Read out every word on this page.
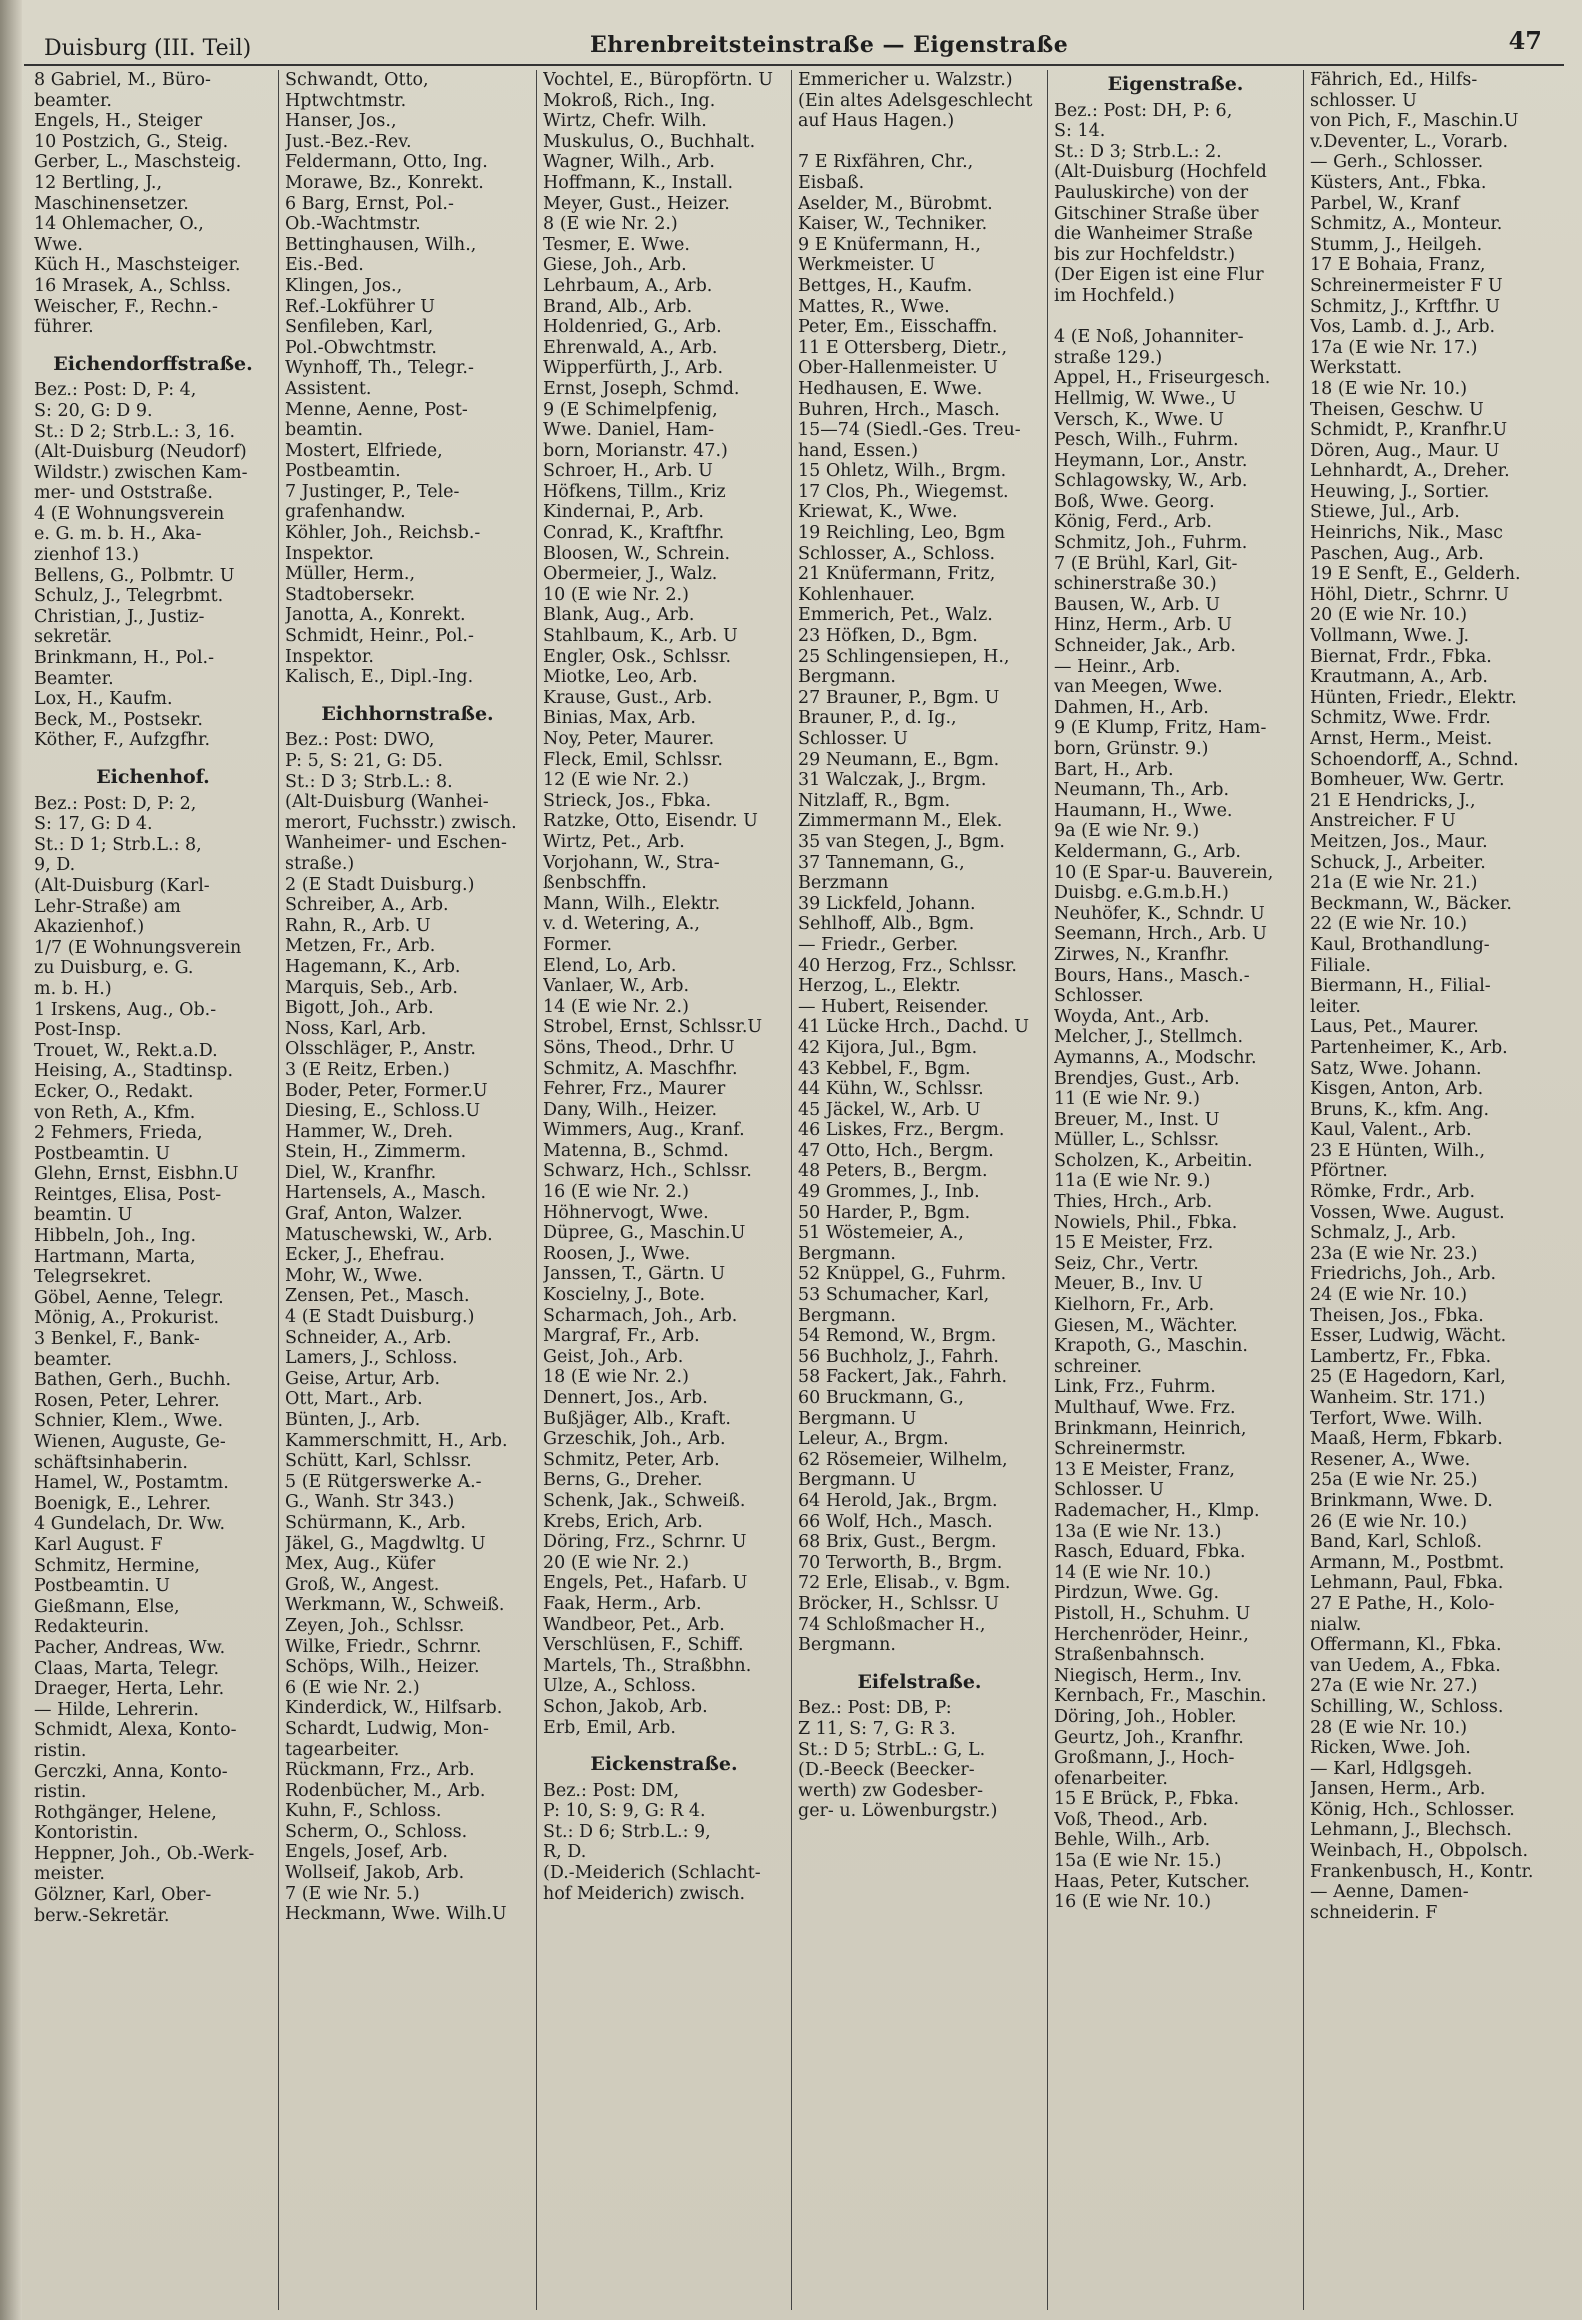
Duisburg (III. Teil)	Ehrenbreitsteinstraße — Eigenstraße	47
8 Gabriel, M., Büro-
beamter.
Engels, H., Steiger
10 Postzich, G., Steig.
Gerber, L., Maschsteig.
12 Bertling, J.,
Maschinensetzer.
14 Ohlemacher, O.,
Wwe.
Küch H., Maschsteiger.
16 Mrasek, A., Schlss.
Weischer, F., Rechn.-
führer.
Eichendorffstraße.
Bez.: Post: D, P: 4,
S: 20, G: D 9.
St.: D 2; Strb.L.: 3, 16.
(Alt-Duisburg (Neudorf)
Wildstr.) zwischen Kam-
mer- und Oststraße.
4 (E Wohnungsverein
e. G. m. b. H., Aka-
zienhof 13.)
Bellens, G., Polbmtr. U
Schulz, J., Telegrbmt.
Christian, J., Justiz-
sekretär.
Brinkmann, H., Pol.-
Beamter.
Lox, H., Kaufm.
Beck, M., Postsekr.
Köther, F., Aufzgfhr.
Eichenhof.
Bez.: Post: D, P: 2,
S: 17, G: D 4.
St.: D 1; Strb.L.: 8,
9, D.
(Alt-Duisburg (Karl-
Lehr-Straße) am
Akazienhof.)
1/7 (E Wohnungsverein
zu Duisburg, e. G.
m. b. H.)
1 Irskens, Aug., Ob.-
Post-Insp.
Trouet, W., Rekt.a.D.
Heising, A., Stadtinsp.
Ecker, O., Redakt.
von Reth, A., Kfm.
2 Fehmers, Frieda,
Postbeamtin. U
Glehn, Ernst, Eisbhn.U
Reintges, Elisa, Post-
beamtin. U
Hibbeln, Joh., Ing.
Hartmann, Marta,
Telegrsekret.
Göbel, Aenne, Telegr.
Mönig, A., Prokurist.
3 Benkel, F., Bank-
beamter.
Bathen, Gerh., Buchh.
Rosen, Peter, Lehrer.
Schnier, Klem., Wwe.
Wienen, Auguste, Ge-
schäftsinhaberin.
Hamel, W., Postamtm.
Boenigk, E., Lehrer.
4 Gundelach, Dr. Ww.
Karl August. F
Schmitz, Hermine,
Postbeamtin. U
Gießmann, Else,
Redakteurin.
Pacher, Andreas, Ww.
Claas, Marta, Telegr.
Draeger, Herta, Lehr.
— Hilde, Lehrerin.
Schmidt, Alexa, Konto-
ristin.
Gerczki, Anna, Konto-
ristin.
Rothgänger, Helene,
Kontoristin.
Heppner, Joh., Ob.-Werk-
meister.
Gölzner, Karl, Ober-
berw.-Sekretär.
Schwandt, Otto,
Hptwchtmstr.
Hanser, Jos.,
Just.-Bez.-Rev.
Feldermann, Otto, Ing.
Morawe, Bz., Konrekt.
6 Barg, Ernst, Pol.-
Ob.-Wachtmstr.
Bettinghausen, Wilh.,
Eis.-Bed.
Klingen, Jos.,
Ref.-Lokführer U
Senfileben, Karl,
Pol.-Obwchtmstr.
Wynhoff, Th., Telegr.-
Assistent.
Menne, Aenne, Post-
beamtin.
Mostert, Elfriede,
Postbeamtin.
7 Justinger, P., Tele-
grafenhandw.
Köhler, Joh., Reichsb.-
Inspektor.
Müller, Herm.,
Stadtobersekr.
Janotta, A., Konrekt.
Schmidt, Heinr., Pol.-
Inspektor.
Kalisch, E., Dipl.-Ing.
Eichhornstraße.
Bez.: Post: DWO,
P: 5, S: 21, G: D5.
St.: D 3; Strb.L.: 8.
(Alt-Duisburg (Wanhei-
merort, Fuchsstr.) zwisch.
Wanheimer- und Eschen-
straße.)
2 (E Stadt Duisburg.)
Schreiber, A., Arb.
Rahn, R., Arb. U
Metzen, Fr., Arb.
Hagemann, K., Arb.
Marquis, Seb., Arb.
Bigott, Joh., Arb.
Noss, Karl, Arb.
Olsschläger, P., Anstr.
3 (E Reitz, Erben.)
Boder, Peter, Former.U
Diesing, E., Schloss.U
Hammer, W., Dreh.
Stein, H., Zimmerm.
Diel, W., Kranfhr.
Hartensels, A., Masch.
Graf, Anton, Walzer.
Matuschewski, W., Arb.
Ecker, J., Ehefrau.
Mohr, W., Wwe.
Zensen, Pet., Masch.
4 (E Stadt Duisburg.)
Schneider, A., Arb.
Lamers, J., Schloss.
Geise, Artur, Arb.
Ott, Mart., Arb.
Bünten, J., Arb.
Kammerschmitt, H., Arb.
Schütt, Karl, Schlssr.
5 (E Rütgerswerke A.-
G., Wanh. Str 343.)
Schürmann, K., Arb.
Jäkel, G., Magdwltg. U
Mex, Aug., Küfer
Groß, W., Angest.
Werkmann, W., Schweiß.
Zeyen, Joh., Schlssr.
Wilke, Friedr., Schrnr.
Schöps, Wilh., Heizer.
6 (E wie Nr. 2.)
Kinderdick, W., Hilfsarb.
Schardt, Ludwig, Mon-
tagearbeiter.
Rückmann, Frz., Arb.
Rodenbücher, M., Arb.
Kuhn, F., Schloss.
Scherm, O., Schloss.
Engels, Josef, Arb.
Wollseif, Jakob, Arb.
7 (E wie Nr. 5.)
Heckmann, Wwe. Wilh.U
Vochtel, E., Büropförtn. U
Mokroß, Rich., Ing.
Wirtz, Chefr. Wilh.
Muskulus, O., Buchhalt.
Wagner, Wilh., Arb.
Hoffmann, K., Install.
Meyer, Gust., Heizer.
8 (E wie Nr. 2.)
Tesmer, E. Wwe.
Giese, Joh., Arb.
Lehrbaum, A., Arb.
Brand, Alb., Arb.
Holdenried, G., Arb.
Ehrenwald, A., Arb.
Wipperfürth, J., Arb.
Ernst, Joseph, Schmd.
9 (E Schimelpfenig,
Wwe. Daniel, Ham-
born, Morianstr. 47.)
Schroer, H., Arb. U
Höfkens, Tillm., Kriz
Kindernai, P., Arb.
Conrad, K., Kraftfhr.
Bloosen, W., Schrein.
Obermeier, J., Walz.
10 (E wie Nr. 2.)
Blank, Aug., Arb.
Stahlbaum, K., Arb. U
Engler, Osk., Schlssr.
Miotke, Leo, Arb.
Krause, Gust., Arb.
Binias, Max, Arb.
Noy, Peter, Maurer.
Fleck, Emil, Schlssr.
12 (E wie Nr. 2.)
Strieck, Jos., Fbka.
Ratzke, Otto, Eisendr. U
Wirtz, Pet., Arb.
Vorjohann, W., Stra-
ßenbschffn.
Mann, Wilh., Elektr.
v. d. Wetering, A.,
Former.
Elend, Lo, Arb.
Vanlaer, W., Arb.
14 (E wie Nr. 2.)
Strobel, Ernst, Schlssr.U
Söns, Theod., Drhr. U
Schmitz, A. Maschfhr.
Fehrer, Frz., Maurer
Dany, Wilh., Heizer.
Wimmers, Aug., Kranf.
Matenna, B., Schmd.
Schwarz, Hch., Schlssr.
16 (E wie Nr. 2.)
Höhnervogt, Wwe.
Düpree, G., Maschin.U
Roosen, J., Wwe.
Janssen, T., Gärtn. U
Koscielny, J., Bote.
Scharmach, Joh., Arb.
Margraf, Fr., Arb.
Geist, Joh., Arb.
18 (E wie Nr. 2.)
Dennert, Jos., Arb.
Bußjäger, Alb., Kraft.
Grzeschik, Joh., Arb.
Schmitz, Peter, Arb.
Berns, G., Dreher.
Schenk, Jak., Schweiß.
Krebs, Erich, Arb.
Döring, Frz., Schrnr. U
20 (E wie Nr. 2.)
Engels, Pet., Hafarb. U
Faak, Herm., Arb.
Wandbeor, Pet., Arb.
Verschlüsen, F., Schiff.
Martels, Th., Straßbhn.
Ulze, A., Schloss.
Schon, Jakob, Arb.
Erb, Emil, Arb.
Eickenstraße.
Bez.: Post: DM,
P: 10, S: 9, G: R 4.
St.: D 6; Strb.L.: 9,
R, D.
(D.-Meiderich (Schlacht-
hof Meiderich) zwisch.
Emmericher u. Walzstr.)
(Ein altes Adelsgeschlecht
auf Haus Hagen.)

7 E Rixfähren, Chr.,
Eisbaß.
Aselder, M., Bürobmt.
Kaiser, W., Techniker.
9 E Knüfermann, H.,
Werkmeister. U
Bettges, H., Kaufm.
Mattes, R., Wwe.
Peter, Em., Eisschaffn.
11 E Ottersberg, Dietr.,
Ober-Hallenmeister. U
Hedhausen, E. Wwe.
Buhren, Hrch., Masch.
15—74 (Siedl.-Ges. Treu-
hand, Essen.)
15 Ohletz, Wilh., Brgm.
17 Clos, Ph., Wiegemst.
Kriewat, K., Wwe.
19 Reichling, Leo, Bgm
Schlosser, A., Schloss.
21 Knüfermann, Fritz,
Kohlenhauer.
Emmerich, Pet., Walz.
23 Höfken, D., Bgm.
25 Schlingensiepen, H.,
Bergmann.
27 Brauner, P., Bgm. U
Brauner, P., d. Ig.,
Schlosser. U
29 Neumann, E., Bgm.
31 Walczak, J., Brgm.
Nitzlaff, R., Bgm.
Zimmermann M., Elek.
35 van Stegen, J., Bgm.
37 Tannemann, G.,
Berzmann
39 Lickfeld, Johann.
Sehlhoff, Alb., Bgm.
— Friedr., Gerber.
40 Herzog, Frz., Schlssr.
Herzog, L., Elektr.
— Hubert, Reisender.
41 Lücke Hrch., Dachd. U
42 Kijora, Jul., Bgm.
43 Kebbel, F., Bgm.
44 Kühn, W., Schlssr.
45 Jäckel, W., Arb. U
46 Liskes, Frz., Bergm.
47 Otto, Hch., Bergm.
48 Peters, B., Bergm.
49 Grommes, J., Inb.
50 Harder, P., Bgm.
51 Wöstemeier, A.,
Bergmann.
52 Knüppel, G., Fuhrm.
53 Schumacher, Karl,
Bergmann.
54 Remond, W., Brgm.
56 Buchholz, J., Fahrh.
58 Fackert, Jak., Fahrh.
60 Bruckmann, G.,
Bergmann. U
Leleur, A., Brgm.
62 Rösemeier, Wilhelm,
Bergmann. U
64 Herold, Jak., Brgm.
66 Wolf, Hch., Masch.
68 Brix, Gust., Bergm.
70 Terworth, B., Brgm.
72 Erle, Elisab., v. Bgm.
Bröcker, H., Schlssr. U
74 Schloßmacher H.,
Bergmann.
Eifelstraße.
Bez.: Post: DB, P:
Z 11, S: 7, G: R 3.
St.: D 5; StrbL.: G, L.
(D.-Beeck (Beecker-
werth) zw Godesber-
ger- u. Löwenburgstr.)
Eigenstraße.
Bez.: Post: DH, P: 6,
S: 14.
St.: D 3; Strb.L.: 2.
(Alt-Duisburg (Hochfeld
Pauluskirche) von der
Gitschiner Straße über
die Wanheimer Straße
bis zur Hochfeldstr.)
(Der Eigen ist eine Flur
im Hochfeld.)

4 (E Noß, Johanniter-
straße 129.)
Appel, H., Friseurgesch.
Hellmig, W. Wwe., U
Versch, K., Wwe. U
Pesch, Wilh., Fuhrm.
Heymann, Lor., Anstr.
Schlagowsky, W., Arb.
Boß, Wwe. Georg.
König, Ferd., Arb.
Schmitz, Joh., Fuhrm.
7 (E Brühl, Karl, Git-
schinerstraße 30.)
Bausen, W., Arb. U
Hinz, Herm., Arb. U
Schneider, Jak., Arb.
— Heinr., Arb.
van Meegen, Wwe.
Dahmen, H., Arb.
9 (E Klump, Fritz, Ham-
born, Grünstr. 9.)
Bart, H., Arb.
Neumann, Th., Arb.
Haumann, H., Wwe.
9a (E wie Nr. 9.)
Keldermann, G., Arb.
10 (E Spar-u. Bauverein,
Duisbg. e.G.m.b.H.)
Neuhöfer, K., Schndr. U
Seemann, Hrch., Arb. U
Zirwes, N., Kranfhr.
Bours, Hans., Masch.-
Schlosser.
Woyda, Ant., Arb.
Melcher, J., Stellmch.
Aymanns, A., Modschr.
Brendjes, Gust., Arb.
11 (E wie Nr. 9.)
Breuer, M., Inst. U
Müller, L., Schlssr.
Scholzen, K., Arbeitin.
11a (E wie Nr. 9.)
Thies, Hrch., Arb.
Nowiels, Phil., Fbka.
15 E Meister, Frz.
Seiz, Chr., Vertr.
Meuer, B., Inv. U
Kielhorn, Fr., Arb.
Giesen, M., Wächter.
Krapoth, G., Maschin.
schreiner.
Link, Frz., Fuhrm.
Multhauf, Wwe. Frz.
Brinkmann, Heinrich,
Schreinermstr.
13 E Meister, Franz,
Schlosser. U
Rademacher, H., Klmp.
13a (E wie Nr. 13.)
Rasch, Eduard, Fbka.
14 (E wie Nr. 10.)
Pirdzun, Wwe. Gg.
Pistoll, H., Schuhm. U
Herchenröder, Heinr.,
Straßenbahnsch.
Niegisch, Herm., Inv.
Kernbach, Fr., Maschin.
Döring, Joh., Hobler.
Geurtz, Joh., Kranfhr.
Großmann, J., Hoch-
ofenarbeiter.
15 E Brück, P., Fbka.
Voß, Theod., Arb.
Behle, Wilh., Arb.
15a (E wie Nr. 15.)
Haas, Peter, Kutscher.
16 (E wie Nr. 10.)
Fährich, Ed., Hilfs-
schlosser. U
von Pich, F., Maschin.U
v.Deventer, L., Vorarb.
— Gerh., Schlosser.
Küsters, Ant., Fbka.
Parbel, W., Kranf
Schmitz, A., Monteur.
Stumm, J., Heilgeh.
17 E Bohaia, Franz,
Schreinermeister F U
Schmitz, J., Krftfhr. U
Vos, Lamb. d. J., Arb.
17a (E wie Nr. 17.)
Werkstatt.
18 (E wie Nr. 10.)
Theisen, Geschw. U
Schmidt, P., Kranfhr.U
Dören, Aug., Maur. U
Lehnhardt, A., Dreher.
Heuwing, J., Sortier.
Stiewe, Jul., Arb.
Heinrichs, Nik., Masc
Paschen, Aug., Arb.
19 E Senft, E., Gelderh.
Höhl, Dietr., Schrnr. U
20 (E wie Nr. 10.)
Vollmann, Wwe. J.
Biernat, Frdr., Fbka.
Krautmann, A., Arb.
Hünten, Friedr., Elektr.
Schmitz, Wwe. Frdr.
Arnst, Herm., Meist.
Schoendorff, A., Schnd.
Bomheuer, Ww. Gertr.
21 E Hendricks, J.,
Anstreicher. F U
Meitzen, Jos., Maur.
Schuck, J., Arbeiter.
21a (E wie Nr. 21.)
Beckmann, W., Bäcker.
22 (E wie Nr. 10.)
Kaul, Brothandlung-
Filiale.
Biermann, H., Filial-
leiter.
Laus, Pet., Maurer.
Partenheimer, K., Arb.
Satz, Wwe. Johann.
Kisgen, Anton, Arb.
Bruns, K., kfm. Ang.
Kaul, Valent., Arb.
23 E Hünten, Wilh.,
Pförtner.
Römke, Frdr., Arb.
Vossen, Wwe. August.
Schmalz, J., Arb.
23a (E wie Nr. 23.)
Friedrichs, Joh., Arb.
24 (E wie Nr. 10.)
Theisen, Jos., Fbka.
Esser, Ludwig, Wächt.
Lambertz, Fr., Fbka.
25 (E Hagedorn, Karl,
Wanheim. Str. 171.)
Terfort, Wwe. Wilh.
Maaß, Herm, Fbkarb.
Resener, A., Wwe.
25a (E wie Nr. 25.)
Brinkmann, Wwe. D.
26 (E wie Nr. 10.)
Band, Karl, Schloß.
Armann, M., Postbmt.
Lehmann, Paul, Fbka.
27 E Pathe, H., Kolo-
nialw.
Offermann, Kl., Fbka.
van Uedem, A., Fbka.
27a (E wie Nr. 27.)
Schilling, W., Schloss.
28 (E wie Nr. 10.)
Ricken, Wwe. Joh.
— Karl, Hdlgsgeh.
Jansen, Herm., Arb.
König, Hch., Schlosser.
Lehmann, J., Blechsch.
Weinbach, H., Obpolsch.
Frankenbusch, H., Kontr.
— Aenne, Damen-
schneiderin. F
